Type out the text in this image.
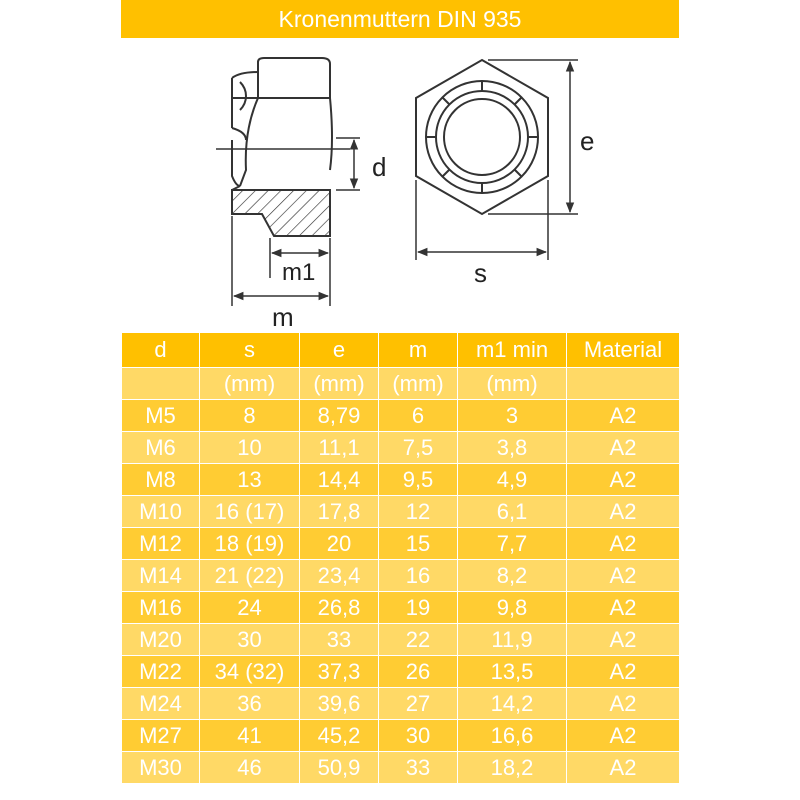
Kronenmuttern DIN 935
d
m1
m
e
s
d	s	e	m	m1 min	Material
	(mm)	(mm)	(mm)	(mm)	
M5	8	8,79	6	3	A2
M6	10	11,1	7,5	3,8	A2
M8	13	14,4	9,5	4,9	A2
M10	16 (17)	17,8	12	6,1	A2
M12	18 (19)	20	15	7,7	A2
M14	21 (22)	23,4	16	8,2	A2
M16	24	26,8	19	9,8	A2
M20	30	33	22	11,9	A2
M22	34 (32)	37,3	26	13,5	A2
M24	36	39,6	27	14,2	A2
M27	41	45,2	30	16,6	A2
M30	46	50,9	33	18,2	A2
